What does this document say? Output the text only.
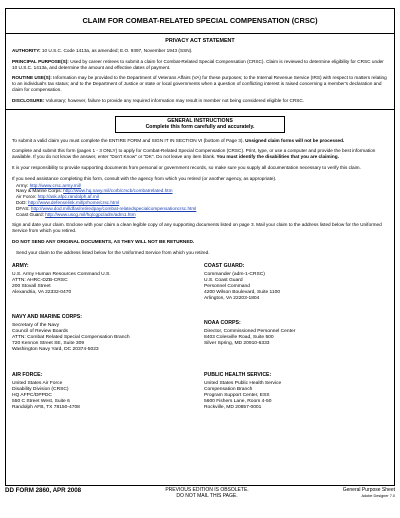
CLAIM FOR COMBAT-RELATED SPECIAL COMPENSATION (CRSC)
PRIVACY ACT STATEMENT
AUTHORITY: 10 U.S.C. Code 1413a, as amended; E.O. 9397, November 1943 (SSN).
PRINCIPAL PURPOSE(S): Used by career retirees to submit a claim for Combat-Related Special Compensation (CRSC). Claim is reviewed to determine eligibility for CRSC under 10 U.S.C. 1413a, and determine the amount and effective dates of payment.
ROUTINE USE(S): Information may be provided to the Department of Veterans Affairs (VA) for these purposes; to the Internal Revenue Service (IRS) with respect to matters relating to an individual's tax status; and to the Department of Justice or state or local governments when a question of conflicting interest is raised concerning a member's declaration and claim for compensation.
DISCLOSURE: Voluntary; however, failure to provide any required information may result in member not being considered eligible for CRSC.
GENERAL INSTRUCTIONS
Complete this form carefully and accurately.
To submit a valid claim you must complete the ENTIRE FORM and SIGN IT IN SECTION VI (bottom of Page 3). Unsigned claim forms will not be processed.
Complete and submit this form (pages 1 - 3 ONLY) to apply for Combat-Related Special Compensation (CRSC). Print, type, or use a computer and provide the best information available. If you do not know the answer, enter "Don't Know" or "DK". Do not leave any item blank. You must identify the disabilities that you are claiming.
It is your responsibility to provide supporting documents from personal or government records, so make sure you supply all documentation necessary to verify this claim.
If you need assistance completing this form, consult with the agency from which you retired (or another agency, as appropriate).
Army: http://www.crsc.army.mil/
Navy & Marine Corps: http://www.hq.navy.mil/corb/crscb/combatrelated.htm
Air Force: http://ask.afpc.randolph.af.mil
DoD: http://www.defenselink.mil/prhome/crsc.html
DFAS: http://www.dod.mil/dfas/retiredpay/combat-relatedspecialcompensationcrsc.html
Coast Guard: http://www.uscg.mil/hq/cgpc/adm/adm1.htm
Sign and date your claim. Enclose with your claim a clean legible copy of any supporting documents listed on page 3. Mail your claim to the address listed below for the Uniformed Service from which you retired.
DO NOT SEND ANY ORIGINAL DOCUMENTS, AS THEY WILL NOT BE RETURNED.
Send your claim to the address listed below for the Uniformed Service from which you retired.
ARMY:
U.S. Army Human Resources Command U.S.
ATTN: AHRC-DZB-CRSC
200 Stovall Street
Alexandria, VA 22332-0470
COAST GUARD:
Commander (adm-1-CRSC)
U.S. Coast Guard
Personnel Command
4200 Wilson Boulevard, Suite 1100
Arlington, VA 22203-1804
NAVY AND MARINE CORPS:
Secretary of the Navy
Council of Review Boards
ATTN: Combat Related Special Compensation Branch
720 Kennon Street SE, Suite 309
Washington Navy Yard, DC 20374-5023
NOAA CORPS:
Director, Commissioned Personnel Center
8403 Colesville Road, Suite 500
Silver Spring, MD 20910-6333
AIR FORCE:
United States Air Force
Disability Division (CRSC)
HQ AFPC/DPPDC
550 C Street West, Suite 6
Randolph AFB, TX 78150-4708
PUBLIC HEALTH SERVICE:
United States Public Health Service
Compensation Branch
Program Support Center, ESS
5600 Fishers Lane, Room 4-50
Rockville, MD 20857-0001
DD FORM 2860, APR 2008	PREVIOUS EDITION IS OBSOLETE.
DO NOT MAIL THIS PAGE.
General Purpose Sheet
Adobe Designer 7.0
